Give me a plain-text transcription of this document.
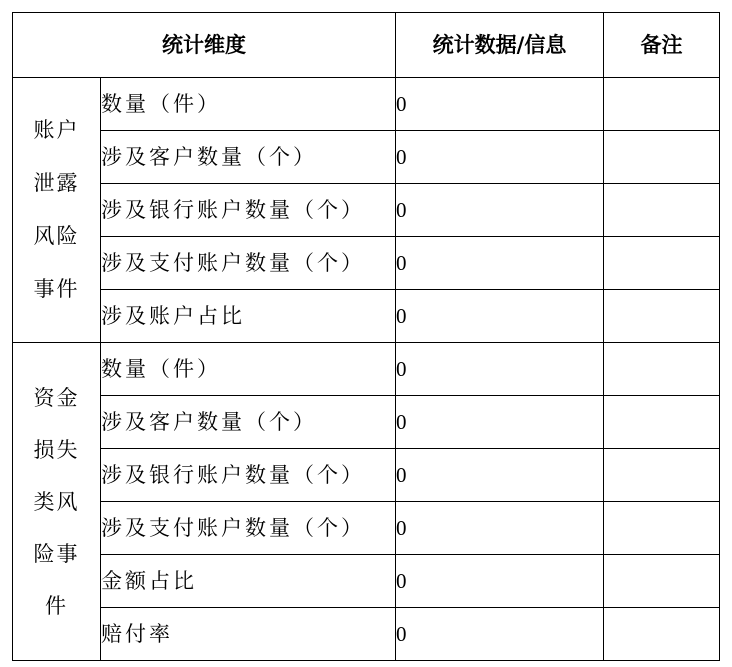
统计维度		统计数据/信息	备注
账户泄露风险事件	数量（件）	0	
	涉及客户数量（个）	0	
	涉及银行账户数量（个）	0	
	涉及支付账户数量（个）	0	
	涉及账户占比	0	
资金损失类风险事件	数量（件）	0	
	涉及客户数量（个）	0	
	涉及银行账户数量（个）	0	
	涉及支付账户数量（个）	0	
	金额占比	0	
	赔付率	0	
